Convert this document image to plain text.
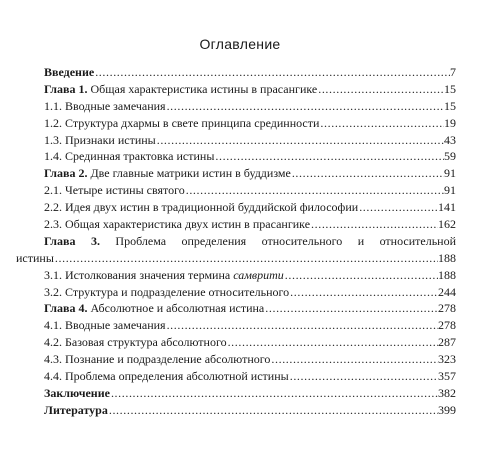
Оглавление
Введение .....	7
Глава 1. Общая характеристика истины в прасангике .....	15
1.1. Вводные замечания .....	15
1.2. Структура дхармы в свете принципа срединности .....	19
1.3. Признаки истины .....	43
1.4. Срединная трактовка истины .....	59
Глава 2. Две главные матрики истин в буддизме .....	91
2.1. Четыре истины святого .....	91
2.2. Идея двух истин в традиционной буддийской философии .....	141
2.3. Общая характеристика двух истин в прасангике .....	162
Глава 3. Проблема определения относительного и относительной
истины .....	188
3.1. Истолкования значения термина самврити .....	188
3.2. Структура и подразделение относительного .....	244
Глава 4. Абсолютное и абсолютная истина .....	278
4.1. Вводные замечания .....	278
4.2. Базовая структура абсолютного .....	287
4.3. Познание и подразделение абсолютного .....	323
4.4. Проблема определения абсолютной истины .....	357
Заключение .....	382
Литература .....	399
